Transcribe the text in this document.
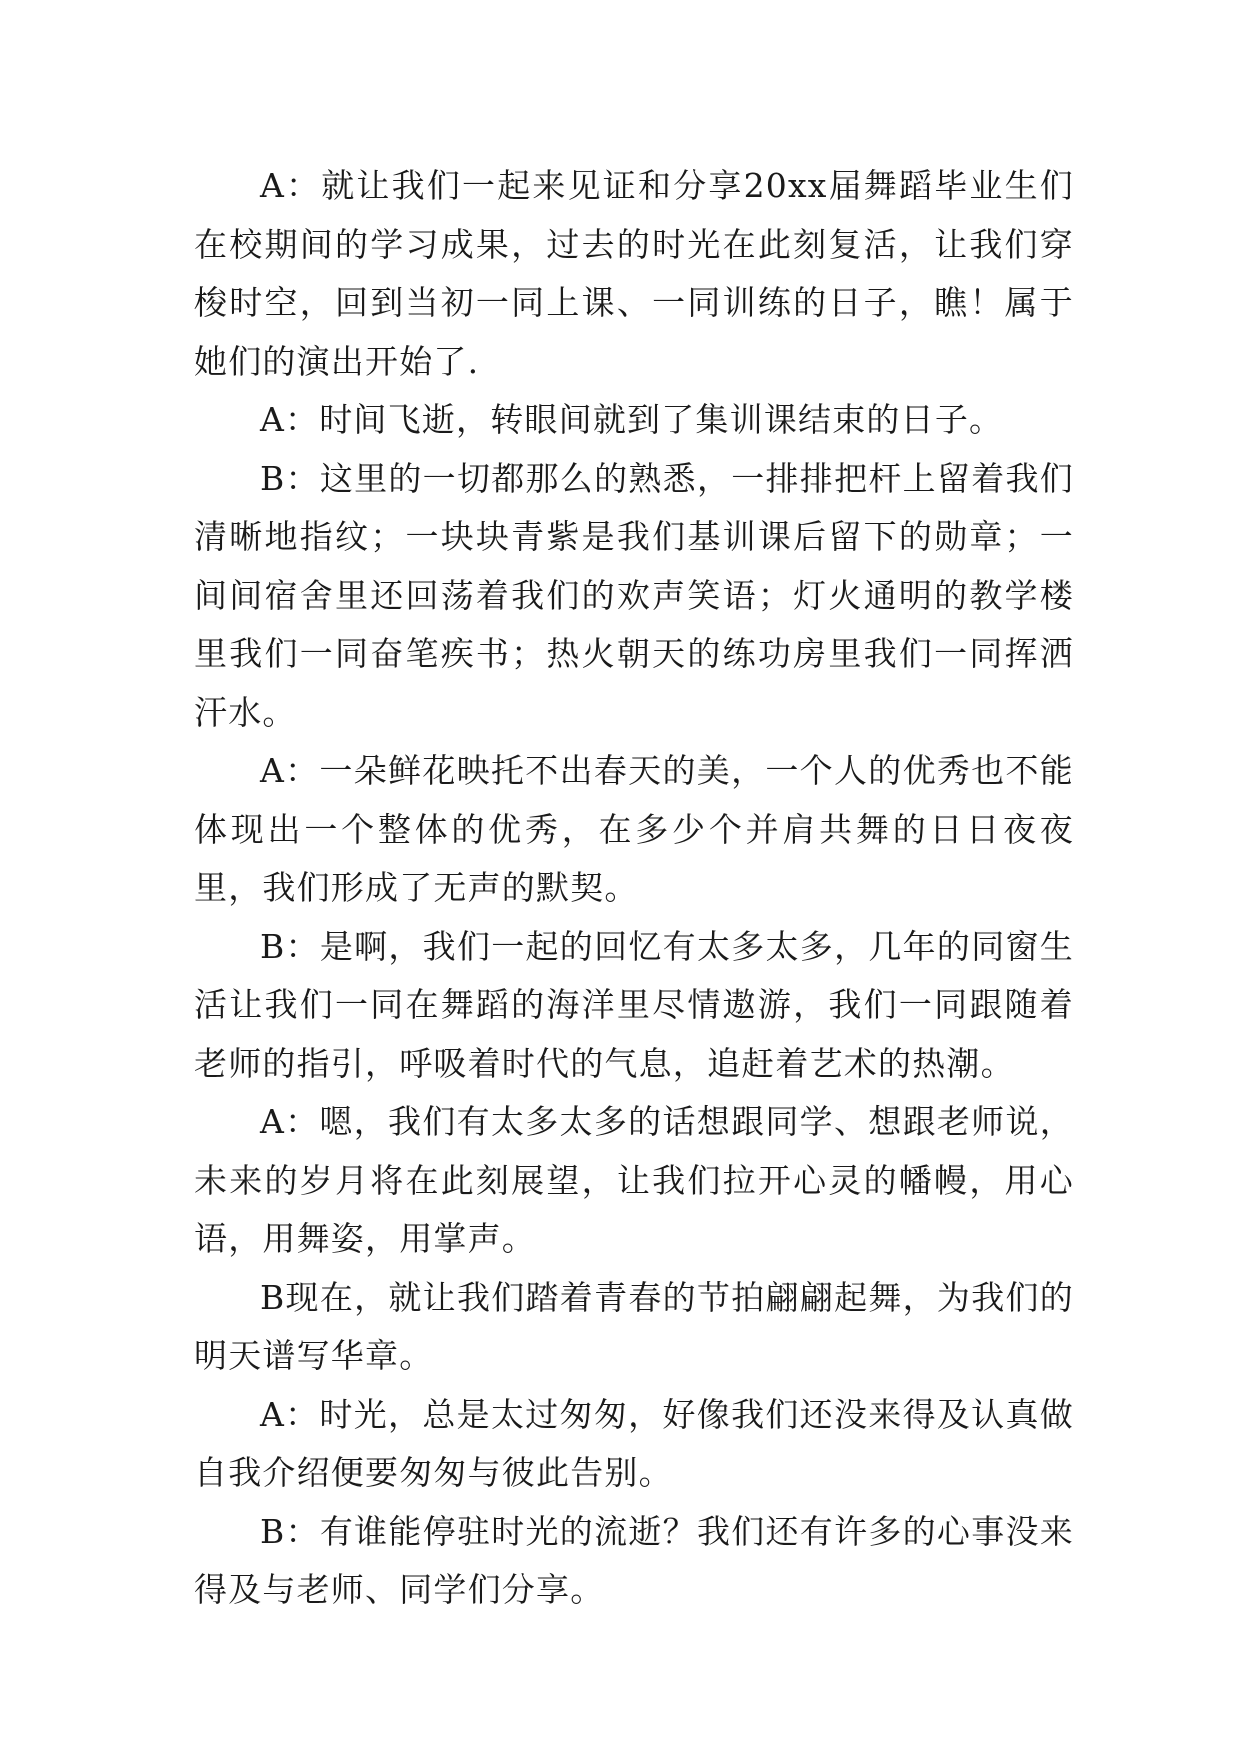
A：就让我们一起来见证和分享20xx届舞蹈毕业生们在校期间的学习成果，过去的时光在此刻复活，让我们穿梭时空，回到当初一同上课、一同训练的日子，瞧！属于她们的演出开始了.

A：时间飞逝，转眼间就到了集训课结束的日子。

B：这里的一切都那么的熟悉，一排排把杆上留着我们清晰地指纹；一块块青紫是我们基训课后留下的勋章；一间间宿舍里还回荡着我们的欢声笑语；灯火通明的教学楼里我们一同奋笔疾书；热火朝天的练功房里我们一同挥洒汗水。

A：一朵鲜花映托不出春天的美，一个人的优秀也不能体现出一个整体的优秀，在多少个并肩共舞的日日夜夜里，我们形成了无声的默契。

B：是啊，我们一起的回忆有太多太多，几年的同窗生活让我们一同在舞蹈的海洋里尽情遨游，我们一同跟随着老师的指引，呼吸着时代的气息，追赶着艺术的热潮。

A：嗯，我们有太多太多的话想跟同学、想跟老师说，未来的岁月将在此刻展望，让我们拉开心灵的幡幔，用心语，用舞姿，用掌声。

B现在，就让我们踏着青春的节拍翩翩起舞，为我们的明天谱写华章。

A：时光，总是太过匆匆，好像我们还没来得及认真做自我介绍便要匆匆与彼此告别。

B：有谁能停驻时光的流逝？我们还有许多的心事没来得及与老师、同学们分享。
